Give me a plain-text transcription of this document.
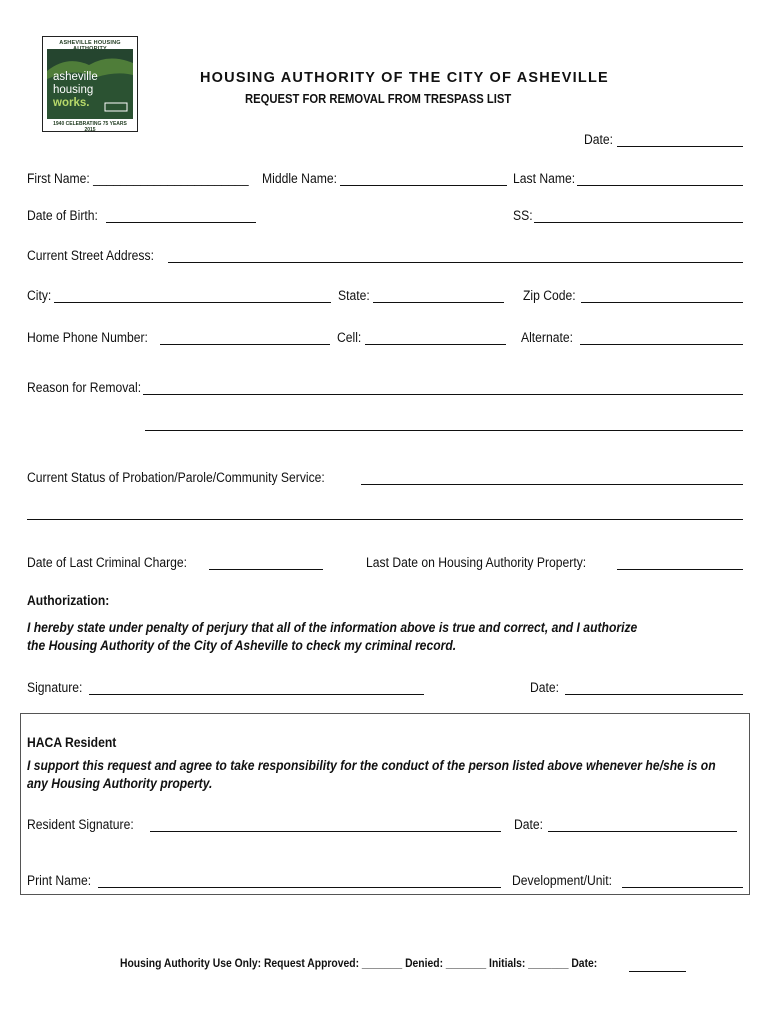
ASHEVILLE HOUSING
asheville
housing
works.
1940 CELEBRATING 75 YEARS 2015
HOUSING AUTHORITY OF THE CITY OF ASHEVILLE
REQUEST FOR REMOVAL FROM TRESPASS LIST
Date:
First Name: _______________________ Middle Name:	Last Name:
Date of Birth:	SS:
Current Street Address:
City:	State:	Zip Code:
Home Phone Number:	Cell:	Alternate:
Reason for Removal:
Current Status of Probation/Parole/Community Service:
Date of Last Criminal Charge:	Last Date on Housing Authority Property:
Authorization:
I hereby state under penalty of perjury that all of the information above is true and correct, and I authorize
the Housing Authority of the City of Asheville to check my criminal record.
Signature:	Date:
HACA Resident
I support this request and agree to take responsibility for the conduct of the person listed above whenever he/she is on
any Housing Authority property.
Resident Signature:	Date:
Print Name:	Development/Unit:
Housing Authority Use Only: Request Approved: _______ Denied: _______ Initials: _______ Date:
